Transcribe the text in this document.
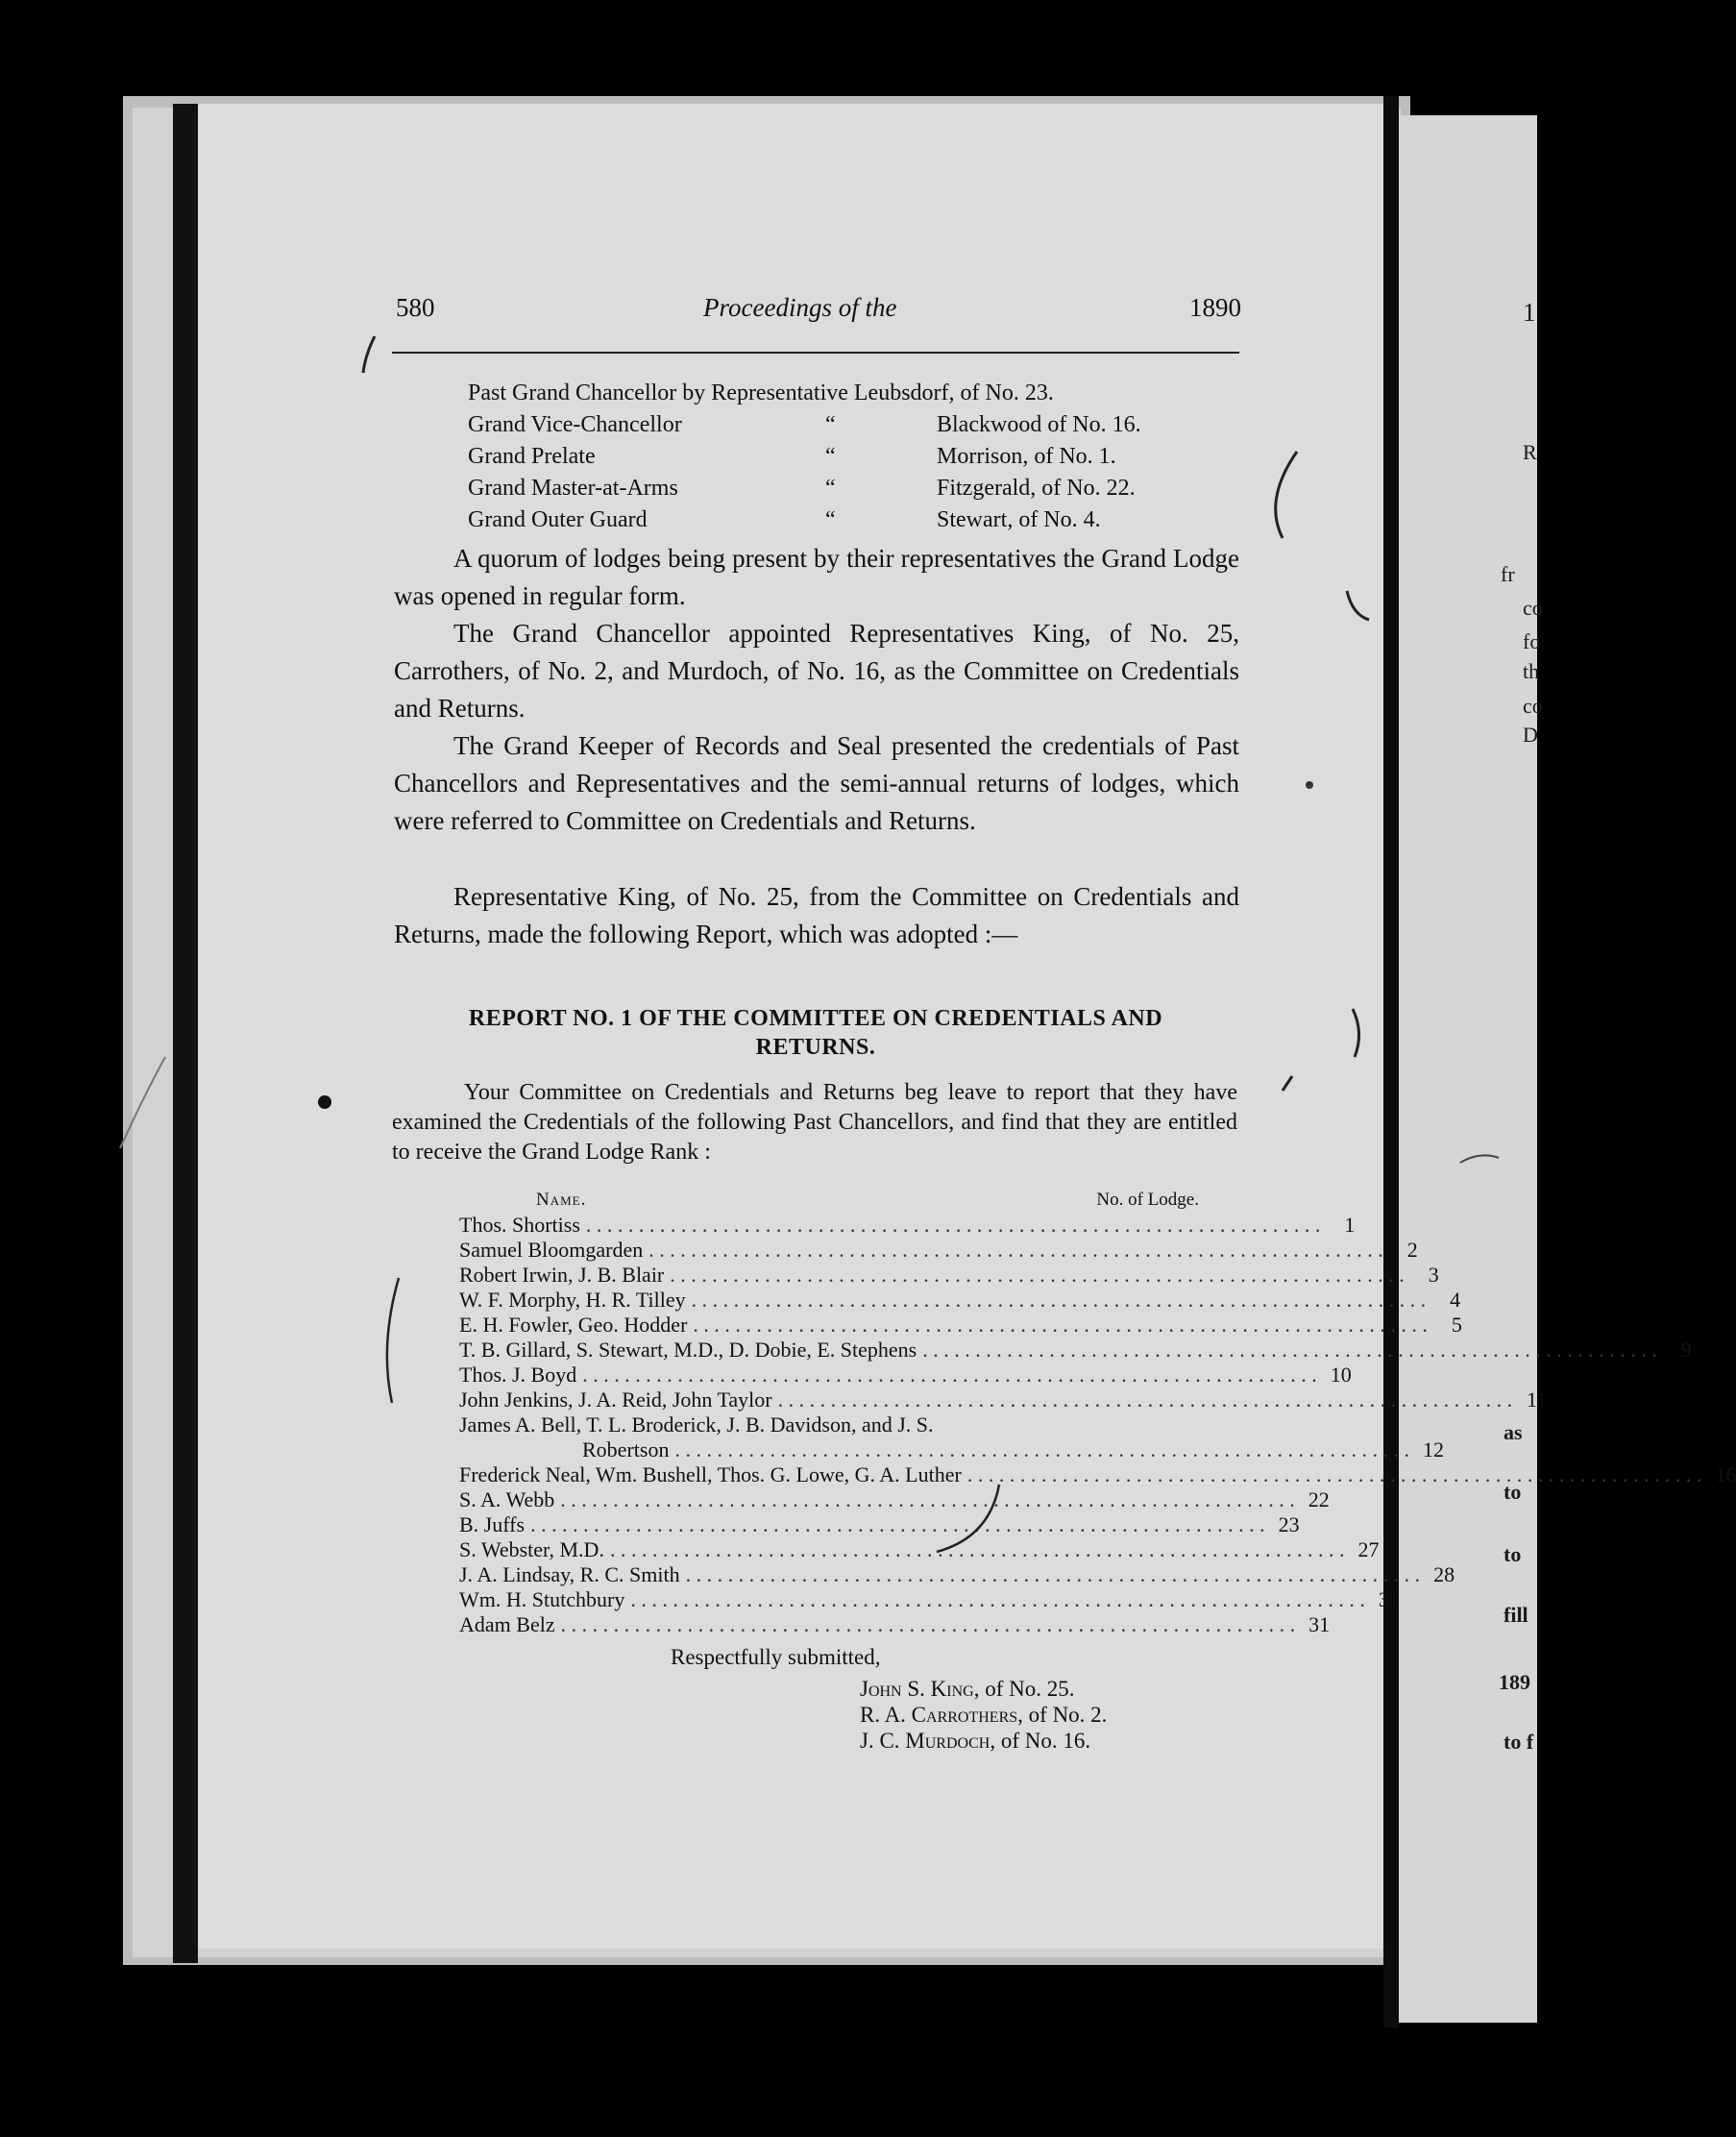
1
R
fr
co
fo
th
co
D
as
to
to
fill
189
to f
580	Proceedings of the	1890
Past Grand Chancellor by Representative Leubsdorf, of No. 23.
Grand Vice-Chancellor	“	Blackwood of No. 16.
Grand Prelate	“	Morrison, of No. 1.
Grand Master-at-Arms	“	Fitzgerald, of No. 22.
Grand Outer Guard	“	Stewart, of No. 4.

A quorum of lodges being present by their representatives the Grand Lodge was opened in regular form.

The Grand Chancellor appointed Representatives King, of No. 25, Carrothers, of No. 2, and Murdoch, of No. 16, as the Committee on Credentials and Returns.

The Grand Keeper of Records and Seal presented the credentials of Past Chancellors and Representatives and the semi-annual returns of lodges, which were referred to Committee on Credentials and Returns.

Representative King, of No. 25, from the Committee on Credentials and Returns, made the following Report, which was adopted :—

REPORT NO. 1 OF THE COMMITTEE ON CREDENTIALS AND
RETURNS.

Your Committee on Credentials and Returns beg leave to report that they have examined the Credentials of the following Past Chancellors, and find that they are entitled to receive the Grand Lodge Rank :

Name.	No. of Lodge.
Thos. Shortiss . . .	1
Samuel Bloomgarden . . .	2
Robert Irwin, J. B. Blair . . .	3
W. F. Morphy, H. R. Tilley . . .	4
E. H. Fowler, Geo. Hodder . . .	5
T. B. Gillard, S. Stewart, M.D., D. Dobie, E. Stephens . . .	9
Thos. J. Boyd . . .	10
John Jenkins, J. A. Reid, John Taylor . . .	11
James A. Bell, T. L. Broderick, J. B. Davidson, and J. S.
Robertson . . .	12
Frederick Neal, Wm. Bushell, Thos. G. Lowe, G. A. Luther . . .	16
S. A. Webb . . .	22
B. Juffs . . .	23
S. Webster, M.D. . . .	27
J. A. Lindsay, R. C. Smith . . .	28
Wm. H. Stutchbury . . .	30
Adam Belz . . .	31
Respectfully submitted,
John S. King, of No. 25.
R. A. Carrothers, of No. 2.
J. C. Murdoch, of No. 16.
